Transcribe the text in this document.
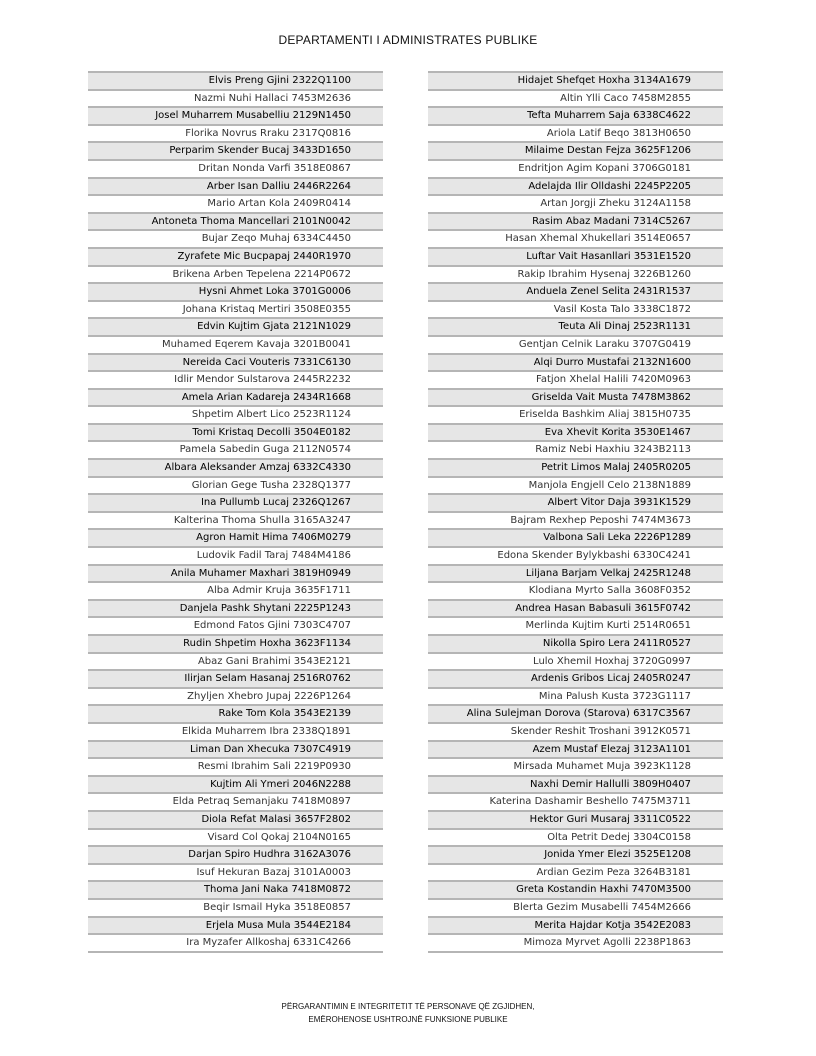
DEPARTAMENTI I ADMINISTRATES PUBLIKE
Elvis Preng Gjini 2322Q1100
Nazmi Nuhi Hallaci 7453M2636
Josel Muharrem Musabelliu 2129N1450
Florika Novrus Rraku 2317Q0816
Perparim Skender Bucaj 3433D1650
Dritan Nonda Varfi 3518E0867
Arber Isan Dalliu 2446R2264
Mario Artan Kola 2409R0414
Antoneta Thoma Mancellari 2101N0042
Bujar Zeqo Muhaj 6334C4450
Zyrafete Mic Bucpapaj 2440R1970
Brikena Arben Tepelena 2214P0672
Hysni Ahmet Loka 3701G0006
Johana Kristaq Mertiri 3508E0355
Edvin Kujtim Gjata 2121N1029
Muhamed Eqerem Kavaja 3201B0041
Nereida Caci Vouteris 7331C6130
Idlir Mendor Sulstarova 2445R2232
Amela Arian Kadareja 2434R1668
Shpetim Albert Lico 2523R1124
Tomi Kristaq Decolli 3504E0182
Pamela Sabedin Guga 2112N0574
Albara Aleksander Amzaj 6332C4330
Glorian Gege Tusha 2328Q1377
Ina Pullumb Lucaj 2326Q1267
Kalterina Thoma Shulla 3165A3247
Agron Hamit Hima 7406M0279
Ludovik Fadil Taraj 7484M4186
Anila Muhamer Maxhari 3819H0949
Alba Admir Kruja 3635F1711
Danjela Pashk Shytani 2225P1243
Edmond Fatos Gjini 7303C4707
Rudin Shpetim Hoxha 3623F1134
Abaz Gani Brahimi 3543E2121
Ilirjan Selam Hasanaj 2516R0762
Zhyljen Xhebro Jupaj 2226P1264
Rake Tom Kola 3543E2139
Elkida Muharrem Ibra 2338Q1891
Liman Dan Xhecuka 7307C4919
Resmi Ibrahim Sali 2219P0930
Kujtim Ali Ymeri 2046N2288
Elda Petraq Semanjaku 7418M0897
Diola Refat Malasi 3657F2802
Visard Col Qokaj 2104N0165
Darjan Spiro Hudhra 3162A3076
Isuf Hekuran Bazaj 3101A0003
Thoma Jani Naka 7418M0872
Beqir Ismail Hyka 3518E0857
Erjela Musa Mula 3544E2184
Ira Myzafer Allkoshaj 6331C4266
Hidajet Shefqet Hoxha 3134A1679
Altin Ylli Caco 7458M2855
Tefta Muharrem Saja 6338C4622
Ariola Latif Beqo 3813H0650
Milaime Destan Fejza 3625F1206
Endritjon Agim Kopani 3706G0181
Adelajda Ilir Olldashi 2245P2205
Artan Jorgji Zheku 3124A1158
Rasim Abaz Madani 7314C5267
Hasan Xhemal Xhukellari 3514E0657
Luftar Vait Hasanllari 3531E1520
Rakip Ibrahim Hysenaj 3226B1260
Anduela Zenel Selita 2431R1537
Vasil Kosta Talo 3338C1872
Teuta Ali Dinaj 2523R1131
Gentjan Celnik Laraku 3707G0419
Alqi Durro Mustafai 2132N1600
Fatjon Xhelal Halili 7420M0963
Griselda Vait Musta 7478M3862
Eriselda Bashkim Aliaj 3815H0735
Eva Xhevit Korita 3530E1467
Ramiz Nebi Haxhiu 3243B2113
Petrit Limos Malaj 2405R0205
Manjola Engjell Celo 2138N1889
Albert Vitor Daja 3931K1529
Bajram Rexhep Peposhi 7474M3673
Valbona Sali Leka 2226P1289
Edona Skender Bylykbashi 6330C4241
Liljana Barjam Velkaj 2425R1248
Klodiana Myrto Salla 3608F0352
Andrea Hasan Babasuli 3615F0742
Merlinda Kujtim Kurti 2514R0651
Nikolla Spiro Lera 2411R0527
Lulo Xhemil Hoxhaj 3720G0997
Ardenis Gribos Licaj 2405R0247
Mina Palush Kusta 3723G1117
Alina Sulejman Dorova (Starova) 6317C3567
Skender Reshit Troshani 3912K0571
Azem Mustaf Elezaj 3123A1101
Mirsada Muhamet Muja 3923K1128
Naxhi Demir Hallulli 3809H0407
Katerina Dashamir Beshello 7475M3711
Hektor Guri Musaraj 3311C0522
Olta Petrit Dedej 3304C0158
Jonida Ymer Elezi 3525E1208
Ardian Gezim Peza 3264B3181
Greta Kostandin Haxhi 7470M3500
Blerta Gezim Musabelli 7454M2666
Merita Hajdar Kotja 3542E2083
Mimoza Myrvet Agolli 2238P1863
PËRGARANTIMIN E INTEGRITETIT TË PERSONAVE QË ZGJIDHEN,
EMËROHENOSE USHTROJNË FUNKSIONE PUBLIKE
